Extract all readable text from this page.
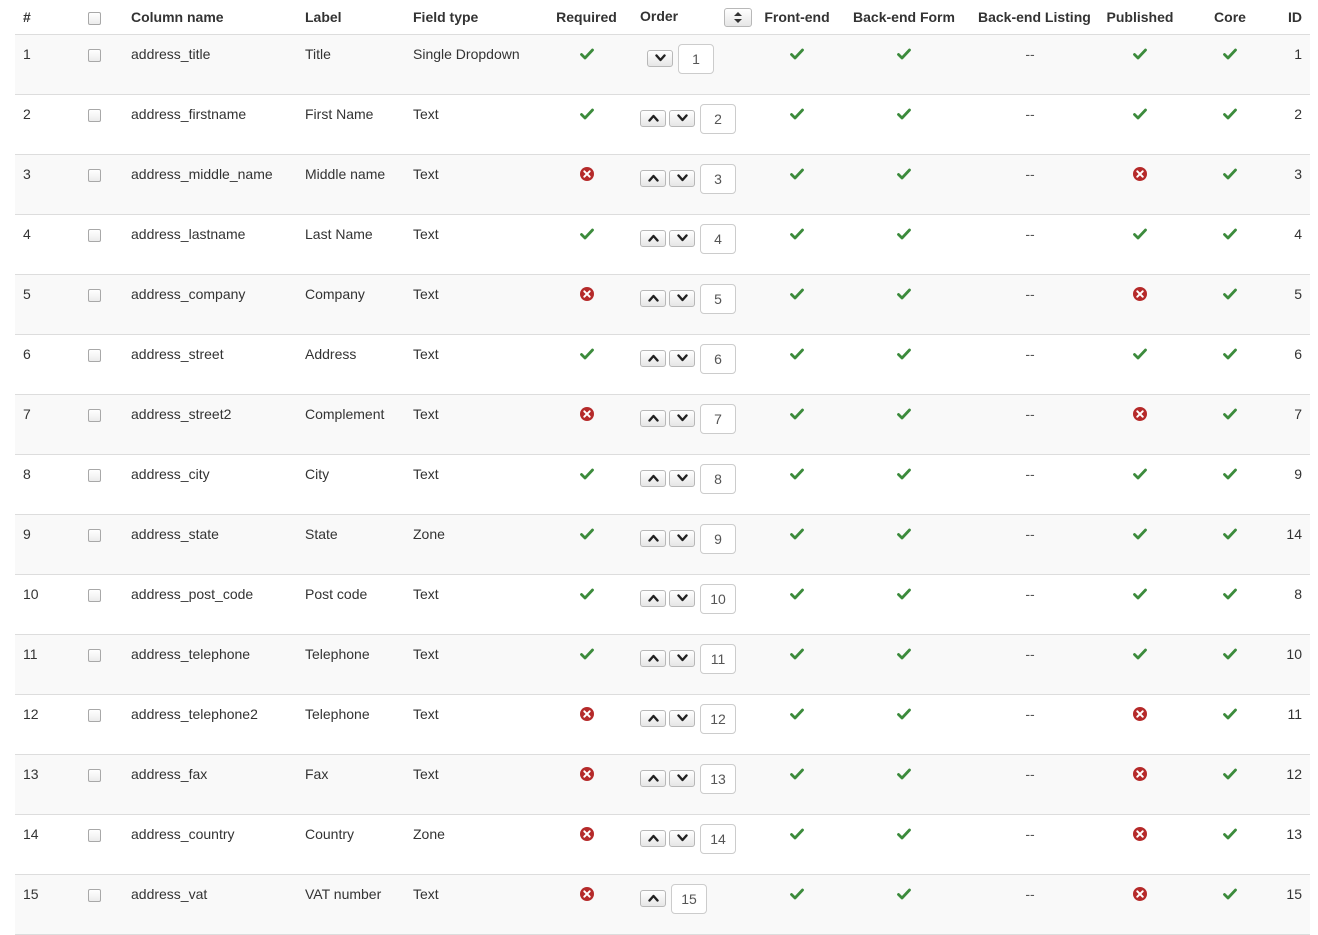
#		Column name	Label	Field type	Required	Order	Front-end	Back-end Form	Back-end Listing	Published	Core	ID
1		address_title	Title	Single Dropdown		1			--			1
2		address_firstname	First Name	Text		2			--			2
3		address_middle_name	Middle name	Text		3			--			3
4		address_lastname	Last Name	Text		4			--			4
5		address_company	Company	Text		5			--			5
6		address_street	Address	Text		6			--			6
7		address_street2	Complement	Text		7			--			7
8		address_city	City	Text		8			--			9
9		address_state	State	Zone		9			--			14
10		address_post_code	Post code	Text		10			--			8
11		address_telephone	Telephone	Text		11			--			10
12		address_telephone2	Telephone	Text		12			--			11
13		address_fax	Fax	Text		13			--			12
14		address_country	Country	Zone		14			--			13
15		address_vat	VAT number	Text		15			--			15
